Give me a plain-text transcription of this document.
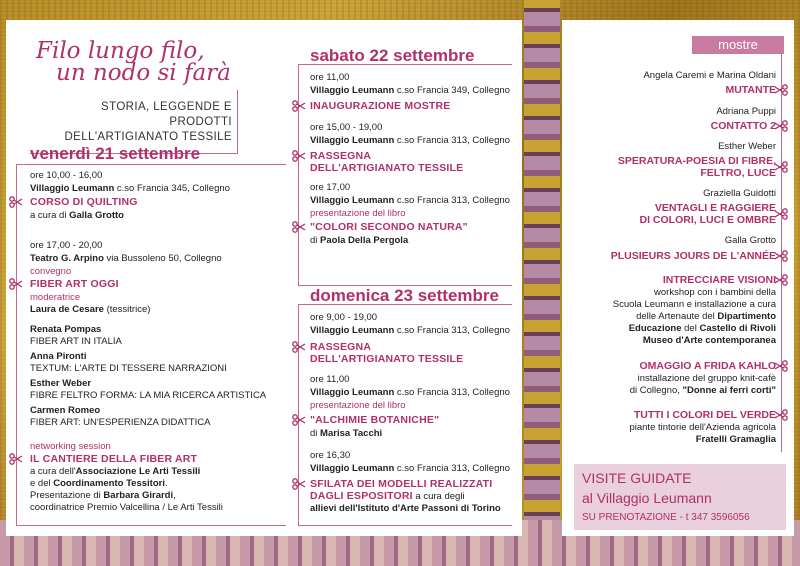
Filo lungo filo,
un nodo si farà
STORIA, LEGGENDE E PRODOTTI
DELL'ARTIGIANATO TESSILE
venerdì 21 settembre
ore 10,00 - 16,00
Villaggio Leumann c.so Francia 345, Collegno
CORSO DI QUILTING
a cura di Galla Grotto
ore 17,00 - 20,00
Teatro G. Arpino via Bussoleno 50, Collegno
convegno
FIBER ART OGGI
moderatrice
Laura de Cesare (tessitrice)
Renata Pompas
FIBER ART IN ITALIA
Anna Pironti
TEXTUM: L'ARTE DI TESSERE NARRAZIONI
Esther Weber
FIBRE FELTRO FORMA: LA MIA RICERCA ARTISTICA
Carmen Romeo
FIBER ART: UN'ESPERIENZA DIDATTICA
networking session
IL CANTIERE DELLA FIBER ART
a cura dell'Associazione Le Arti Tessili
e del Coordinamento Tessitori.
Presentazione di Barbara Girardi,
coordinatrice Premio Valcellina / Le Arti Tessili
sabato 22 settembre
ore 11,00
Villaggio Leumann c.so Francia 349, Collegno
INAUGURAZIONE MOSTRE
ore 15,00 - 19,00
Villaggio Leumann c.so Francia 313, Collegno
RASSEGNA
DELL'ARTIGIANATO TESSILE
ore 17,00
Villaggio Leumann c.so Francia 313, Collegno
presentazione del libro
"COLORI SECONDO NATURA"
di Paola Della Pergola
domenica 23 settembre
ore 9,00 - 19,00
Villaggio Leumann c.so Francia 313, Collegno
RASSEGNA
DELL'ARTIGIANATO TESSILE
ore 11,00
Villaggio Leumann c.so Francia 313, Collegno
presentazione del libro
"ALCHIMIE BOTANICHE"
di Marisa Tacchi
ore 16,30
Villaggio Leumann c.so Francia 313, Collegno
SFILATA DEI MODELLI REALIZZATI
DAGLI ESPOSITORI a cura degli
allievi dell'Istituto d'Arte Passoni di Torino
mostre
Angela Caremi e Marina Oldani
MUTANTE
Adriana Puppi
CONTATTO 2
Esther Weber
SPERATURA-POESIA DI FIBRE,
FELTRO, LUCE
Graziella Guidotti
VENTAGLI E RAGGIERE
DI COLORI, LUCI E OMBRE
Galla Grotto
PLUSIEURS JOURS DE L'ANNÉE
INTRECCIARE VISIONI
workshop con i bambini della
Scuola Leumann e installazione a cura
delle Artenaute del Dipartimento
Educazione del Castello di Rivoli
Museo d'Arte contemporanea
OMAGGIO A FRIDA KAHLO
installazione del gruppo knit-cafè
di Collegno, "Donne ai ferri corti"
TUTTI I COLORI DEL VERDE
piante tintorie dell'Azienda agricola
Fratelli Gramaglia
VISITE GUIDATE
al Villaggio Leumann
SU PRENOTAZIONE - t 347 3596056
